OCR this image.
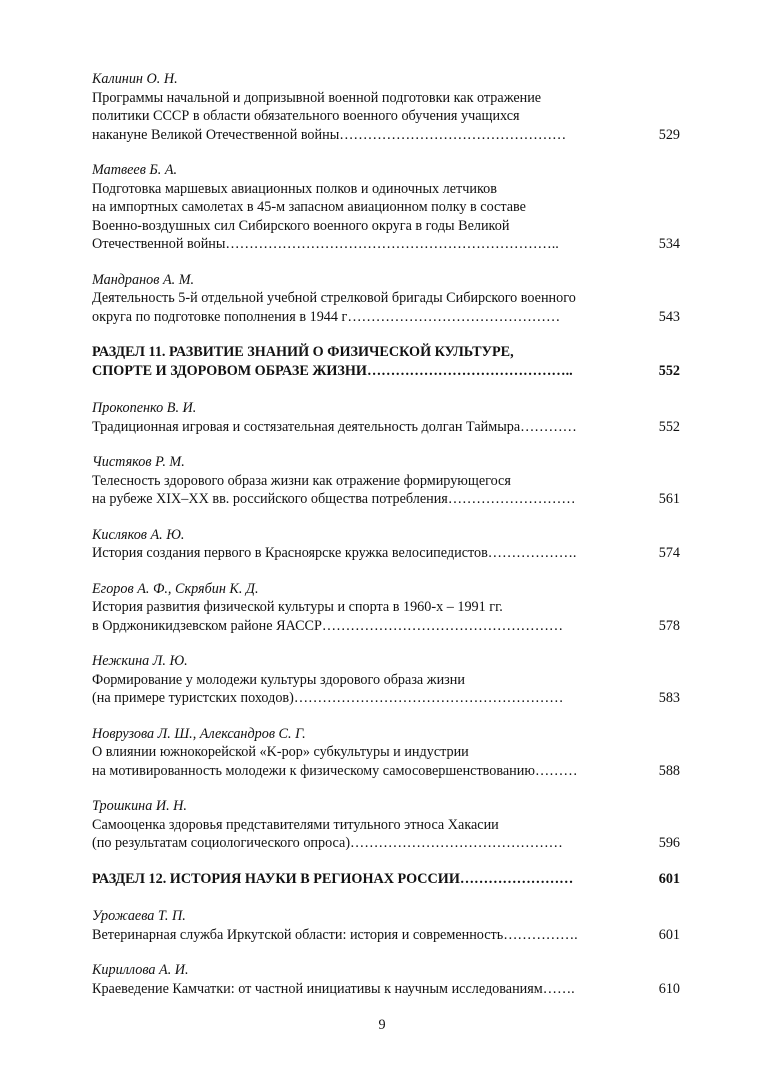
Калинин О. Н.
Программы начальной и допризывной военной подготовки как отражение
политики СССР в области обязательного военного обучения учащихся
накануне Великой Отечественной войны…………………………………………	529
Матвеев Б. А.
Подготовка маршевых авиационных полков и одиночных летчиков
на импортных самолетах в 45-м запасном авиационном полку в составе
Военно-воздушных сил Сибирского военного округа в годы Великой
Отечественной войны……………………………………………………………..	534
Мандранов А. М.
Деятельность 5-й отдельной учебной стрелковой бригады Сибирского военного
округа по подготовке пополнения в 1944 г………………………………………	543
РАЗДЕЛ 11. РАЗВИТИЕ ЗНАНИЙ О ФИЗИЧЕСКОЙ КУЛЬТУРЕ,
СПОРТЕ И ЗДОРОВОМ ОБРАЗЕ ЖИЗНИ……………………………………..	552
Прокопенко В. И.
Традиционная игровая и состязательная деятельность долган Таймыра…………	552
Чистяков Р. М.
Телесность здорового образа жизни как отражение формирующегося
на рубеже XIX–XX вв. российского общества потребления………………………	561
Кисляков А. Ю.
История создания первого в Красноярске кружка велосипедистов……………….	574
Егоров А. Ф., Скрябин К. Д.
История развития физической культуры и спорта в 1960-х – 1991 гг.
в Орджоникидзевском районе ЯАССР……………………………………………	578
Нежкина Л. Ю.
Формирование у молодежи культуры здорового образа жизни
(на примере туристских походов)…………………………………………………	583
Новрузова Л. Ш., Александров С. Г.
О влиянии южнокорейской «K-pop» субкультуры и индустрии
на мотивированность молодежи к физическому самосовершенствованию………	588
Трошкина И. Н.
Самооценка здоровья представителями титульного этноса Хакасии
(по результатам социологического опроса)………………………………………	596
РАЗДЕЛ 12. ИСТОРИЯ НАУКИ В РЕГИОНАХ РОССИИ……………………	601
Урожаева Т. П.
Ветеринарная служба Иркутской области: история и современность…………….	601
Кириллова А. И.
Краеведение Камчатки: от частной инициативы к научным исследованиям…….	610
9
